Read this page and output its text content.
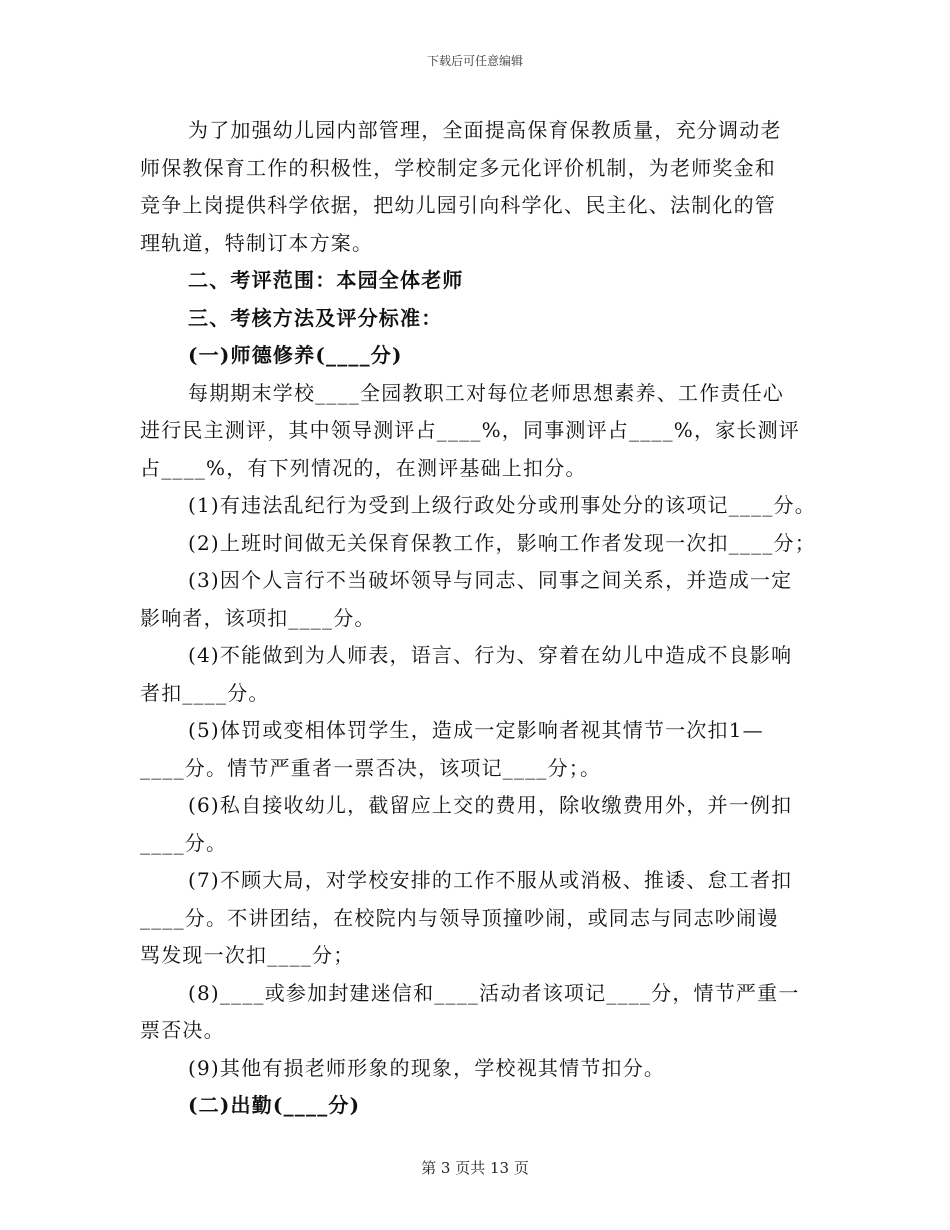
下载后可任意编辑
为了加强幼儿园内部管理，全面提高保育保教质量，充分调动老
师保教保育工作的积极性，学校制定多元化评价机制，为老师奖金和
竞争上岗提供科学依据，把幼儿园引向科学化、民主化、法制化的管
理轨道，特制订本方案。
二、考评范围：本园全体老师
三、考核方法及评分标准：
(一)师德修养(____分)
每期期末学校____全园教职工对每位老师思想素养、工作责任心
进行民主测评，其中领导测评占____%，同事测评占____%，家长测评
占____%，有下列情况的，在测评基础上扣分。
(1)有违法乱纪行为受到上级行政处分或刑事处分的该项记____分。
(2)上班时间做无关保育保教工作，影响工作者发现一次扣____分；
(3)因个人言行不当破坏领导与同志、同事之间关系，并造成一定
影响者，该项扣____分。
(4)不能做到为人师表，语言、行为、穿着在幼儿中造成不良影响
者扣____分。
(5)体罚或变相体罚学生，造成一定影响者视其情节一次扣1—
____分。情节严重者一票否决，该项记____分；。
(6)私自接收幼儿，截留应上交的费用，除收缴费用外，并一例扣
____分。
(7)不顾大局，对学校安排的工作不服从或消极、推诿、怠工者扣
____分。不讲团结，在校院内与领导顶撞吵闹，或同志与同志吵闹谩
骂发现一次扣____分；
(8)____或参加封建迷信和____活动者该项记____分，情节严重一
票否决。
(9)其他有损老师形象的现象，学校视其情节扣分。
(二)出勤(____分)
第 3 页共 13 页
